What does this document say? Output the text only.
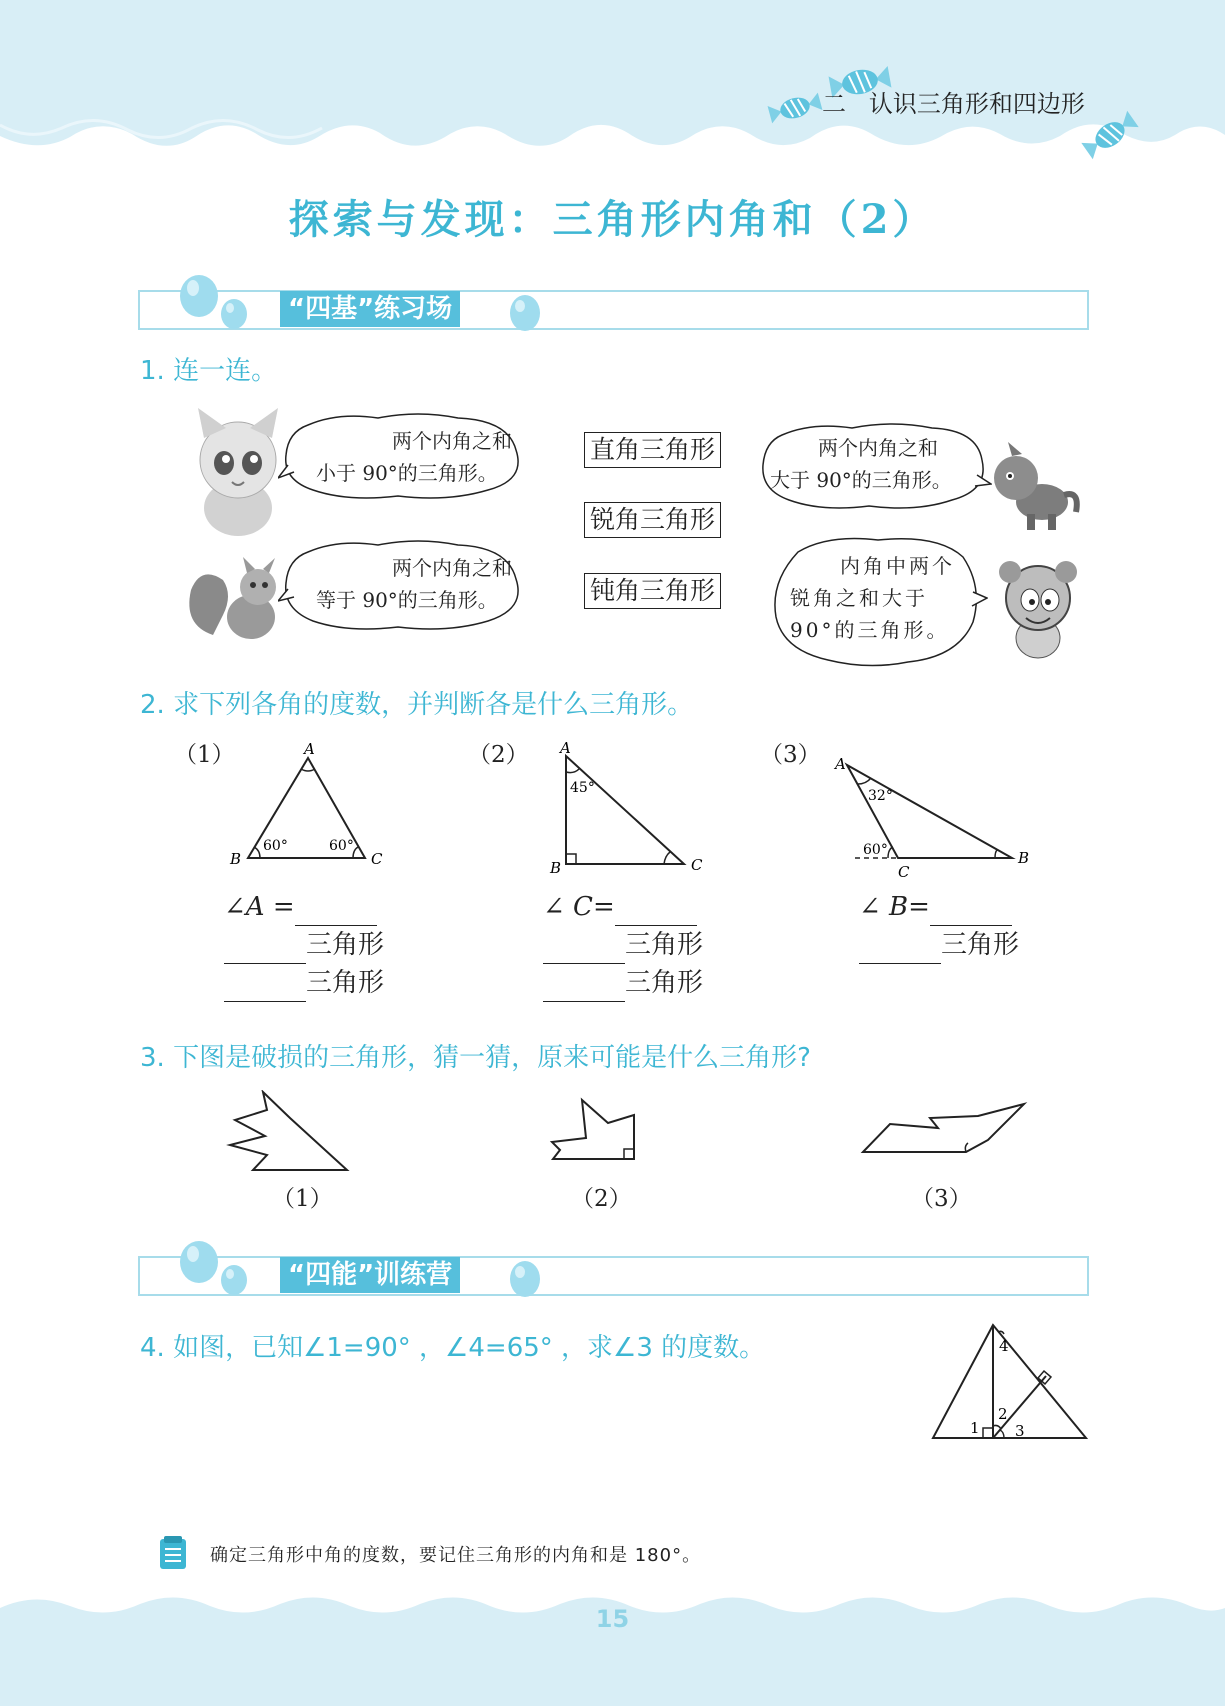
二   认识三角形和四边形
探索与发现：三角形内角和（2）
“四基”练习场
1. 连一连。
两个内角之和
小于 90°的三角形。
两个内角之和
等于 90°的三角形。
两个内角之和
大于 90°的三角形。
内角中两个
锐角之和大于
90°的三角形。
直角三角形
锐角三角形
钝角三角形
2. 求下列各角的度数，并判断各是什么三角形。
（1）	（2）	（3）
A
B	C
60°	60°
A
B	C
45°
A
C
B
32°
60°
∠A =
三角形
三角形
∠ C=
三角形
三角形
∠ B=
三角形
3. 下图是破损的三角形，猜一猜，原来可能是什么三角形?
（1）	（2）	（3）
“四能”训练营
4. 如图，已知∠1=90° ，∠4=65° ，求∠3 的度数。	4
2
1 3
确定三角形中角的度数，要记住三角形的内角和是 180°。
15
